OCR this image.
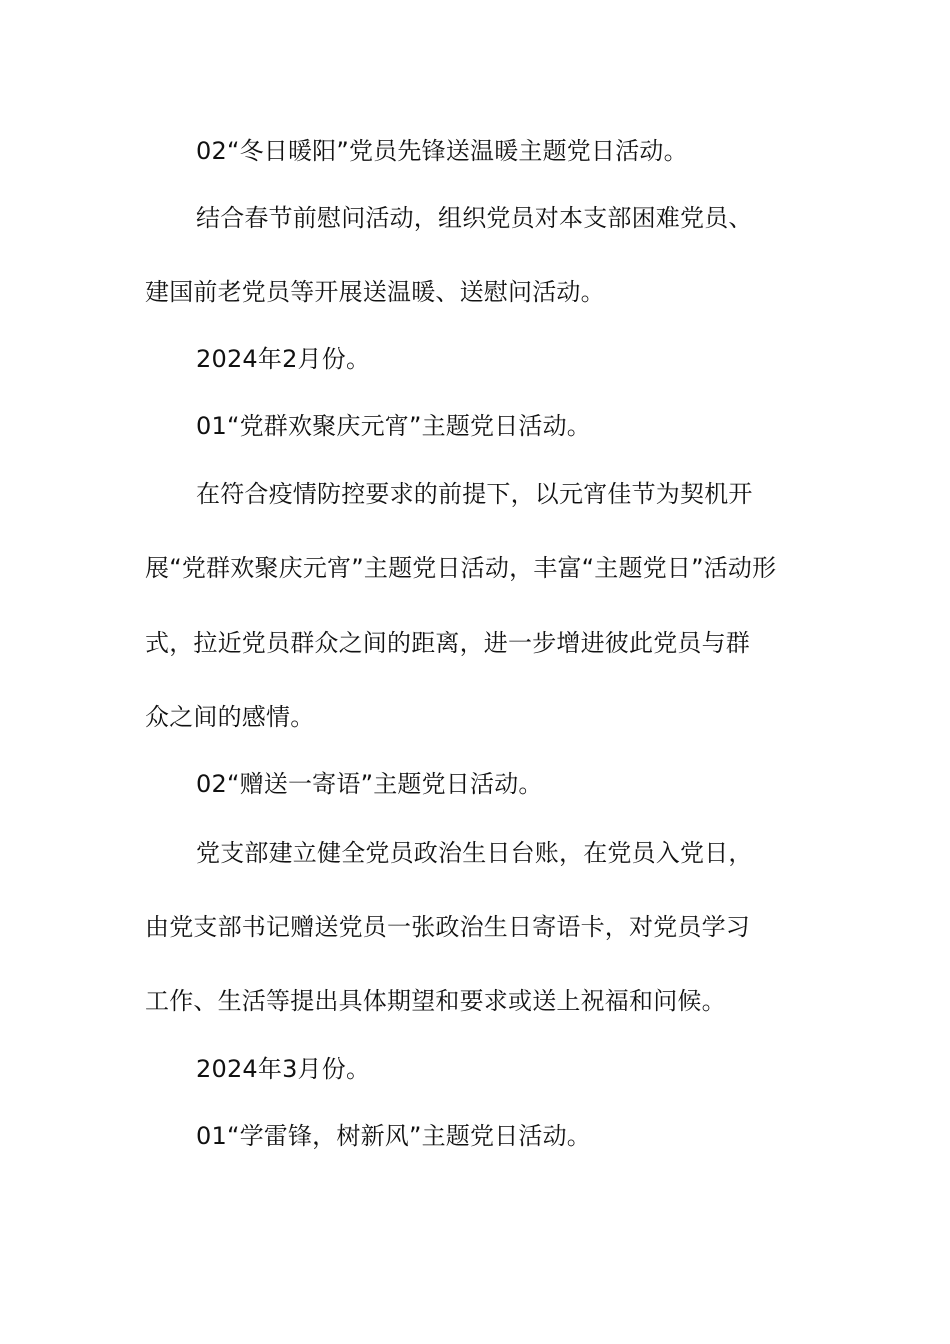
02“冬日暖阳”党员先锋送温暖主题党日活动。
结合春节前慰问活动，组织党员对本支部困难党员、
建国前老党员等开展送温暖、送慰问活动。
2024年2月份。
01“党群欢聚庆元宵”主题党日活动。
在符合疫情防控要求的前提下，以元宵佳节为契机开
展“党群欢聚庆元宵”主题党日活动，丰富“主题党日”活动形
式，拉近党员群众之间的距离，进一步增进彼此党员与群
众之间的感情。
02“赠送一寄语”主题党日活动。
党支部建立健全党员政治生日台账，在党员入党日，
由党支部书记赠送党员一张政治生日寄语卡，对党员学习
工作、生活等提出具体期望和要求或送上祝福和问候。
2024年3月份。
01“学雷锋，树新风”主题党日活动。
